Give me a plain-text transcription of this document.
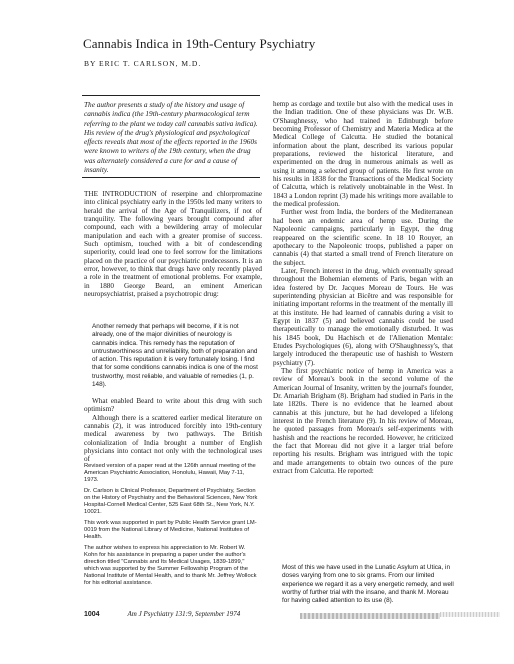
Cannabis Indica in 19th-Century Psychiatry
BY ERIC T. CARLSON, M.D.
The author presents a study of the history and usage of cannabis indica (the 19th-century pharmacological term referring to the plant we today call cannabis sativa indica). His review of the drug's physiological and psychological effects reveals that most of the effects reported in the 1960s were known to writers of the 19th century, when the drug was alternately considered a cure for and a cause of insanity.

THE INTRODUCTION of reserpine and chlorpromazine into clinical psychiatry early in the 1950s led many writers to herald the arrival of the Age of Tranquilizers, if not of tranquility. The following years brought compound after compound, each with a bewildering array of molecular manipulation and each with a greater promise of success. Such optimism, touched with a bit of condescending superiority, could lead one to feel sorrow for the limitations placed on the practice of our psychiatric predecessors. It is an error, however, to think that drugs have only recently played a role in the treatment of emotional problems. For example, in 1880 George Beard, an eminent American neuropsychiatrist, praised a psychotropic drug:

Another remedy that perhaps will become, if it is not already, one of the major divinities of neurology is cannabis indica. This remedy has the reputation of untrustworthiness and unreliability, both of preparation and of action. This reputation it is very fortunately losing. I find that for some conditions cannabis indica is one of the most trustworthy, most reliable, and valuable of remedies (1, p. 148).

What enabled Beard to write about this drug with such optimism?

Although there is a scattered earlier medical literature on cannabis (2), it was introduced forcibly into 19th-century medical awareness by two pathways. The British colonialization of India brought a number of English physicians into contact not only with the technological uses of

Revised version of a paper read at the 126th annual meeting of the American Psychiatric Association, Honolulu, Hawaii, May 7-11, 1973.

Dr. Carlson is Clinical Professor, Department of Psychiatry, Section on the History of Psychiatry and the Behavioral Sciences, New York Hospital-Cornell Medical Center, 525 East 68th St., New York, N.Y. 10021.

This work was supported in part by Public Health Service grant LM-0019 from the National Library of Medicine, National Institutes of Health.

The author wishes to express his appreciation to Mr. Robert W. Kohn for his assistance in preparing a paper under the author's direction titled "Cannabis and Its Medical Usages, 1839-1899," which was supported by the Summer Fellowship Program of the National Institute of Mental Health, and to thank Mr. Jeffrey Wollock for his editorial assistance.

hemp as cordage and textile but also with the medical uses in the Indian tradition. One of these physicians was Dr. W.B. O'Shaughnessy, who had trained in Edinburgh before becoming Professor of Chemistry and Materia Medica at the Medical College of Calcutta. He studied the botanical information about the plant, described its various popular preparations, reviewed the historical literature, and experimented on the drug in numerous animals as well as using it among a selected group of patients. He first wrote on his results in 1838 for the Transactions of the Medical Society of Calcutta, which is relatively unobtainable in the West. In 1843 a London reprint (3) made his writings more available to the medical profession.

Further west from India, the borders of the Mediterranean had been an endemic area of hemp use. During the Napoleonic campaigns, particularly in Egypt, the drug reappeared on the scientific scene. In 18 10 Rouyer, an apothecary to the Napoleonic troops, published a paper on cannabis (4) that started a small trend of French literature on the subject.

Later, French interest in the drug, which eventually spread throughout the Bohemian elements of Paris, began with an idea fostered by Dr. Jacques Moreau de Tours. He was superintending physician at Bicêtre and was responsible for initiating important reforms in the treatment of the mentally ill at this institute. He had learned of cannabis during a visit to Egypt in 1837 (5) and believed cannabis could be used therapeutically to manage the emotionally disturbed. It was his 1845 book, Du Hachisch et de l'Alienation Mentale: Etudes Psychologiques (6), along with O'Shaughnessy's, that largely introduced the therapeutic use of hashish to Western psychiatry (7).

The first psychiatric notice of hemp in America was a review of Moreau's book in the second volume of the American Journal of Insanity, written by the journal's founder, Dr. Amariah Brigham (8). Brigham had studied in Paris in the late 1820s. There is no evidence that he learned about cannabis at this juncture, but he had developed a lifelong interest in the French literature (9). In his review of Moreau, he quoted passages from Moreau's self-experiments with hashish and the reactions he recorded. However, he criticized the fact that Moreau did not give it a larger trial before reporting his results. Brigham was intrigued with the topic and made arrangements to obtain two ounces of the pure extract from Calcutta. He reported:

Most of this we have used in the Lunatic Asylum at Utica, in doses varying from one to six grams. From our limited experience we regard it as a very energetic remedy, and well worthy of further trial with the insane, and thank M. Moreau for having called attention to its use (8).
1004	Am J Psychiatry 131:9, September 1974
